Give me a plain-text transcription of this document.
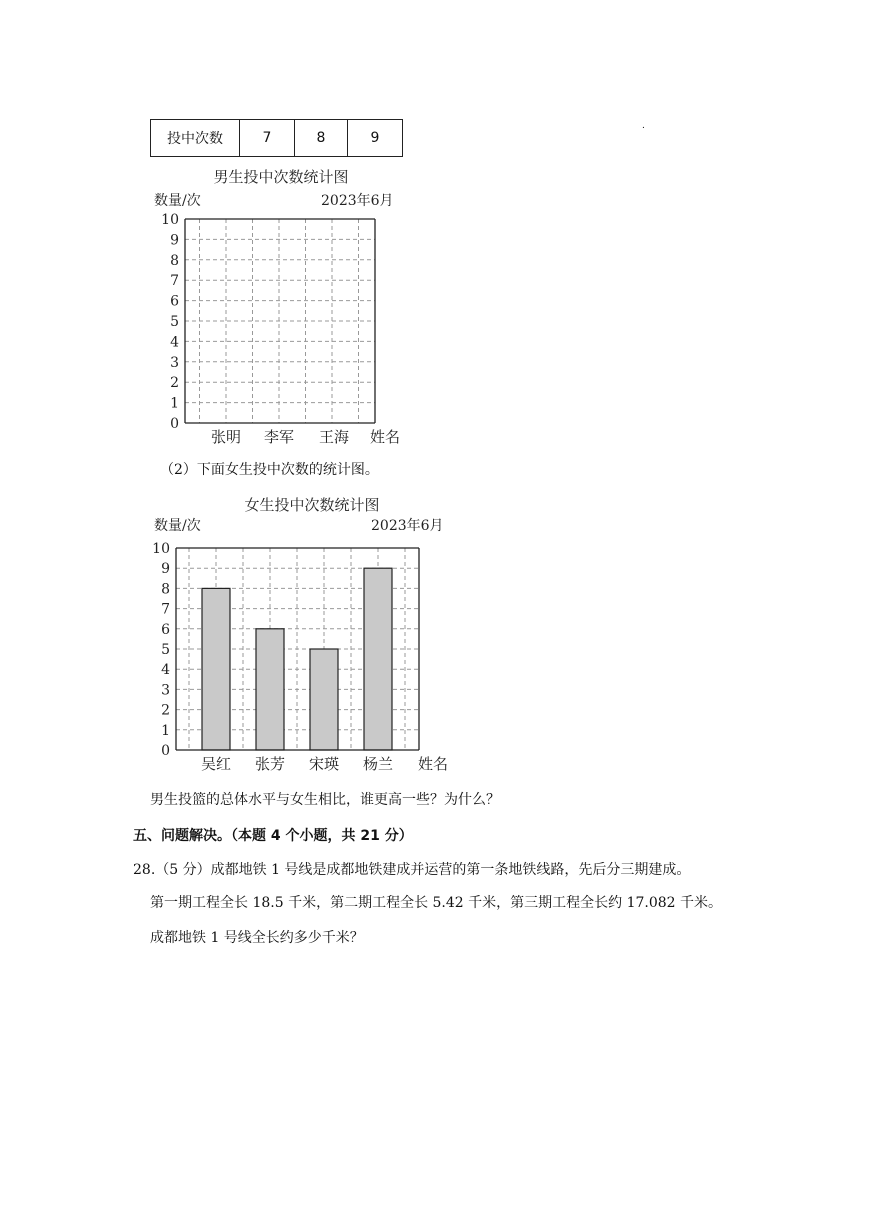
投中次数	7	8	9
.
男生投中次数统计图
数量/次	2023年6月
0
1
2
3
4
5
6
7
8
9
10
张明 李军 王海 姓名
女生投中次数统计图
数量/次	2023年6月
0
1
2
3
4
5
6
7
8
9
10
吴红 张芳 宋瑛 杨兰 姓名
（2）下面女生投中次数的统计图。
男生投篮的总体水平与女生相比，谁更高一些？为什么？
五、问题解决。（本题 4 个小题，共 21 分）
28.（5 分）成都地铁 1 号线是成都地铁建成并运营的第一条地铁线路，先后分三期建成。
第一期工程全长 18.5 千米，第二期工程全长 5.42 千米，第三期工程全长约 17.082 千米。
成都地铁 1 号线全长约多少千米？
